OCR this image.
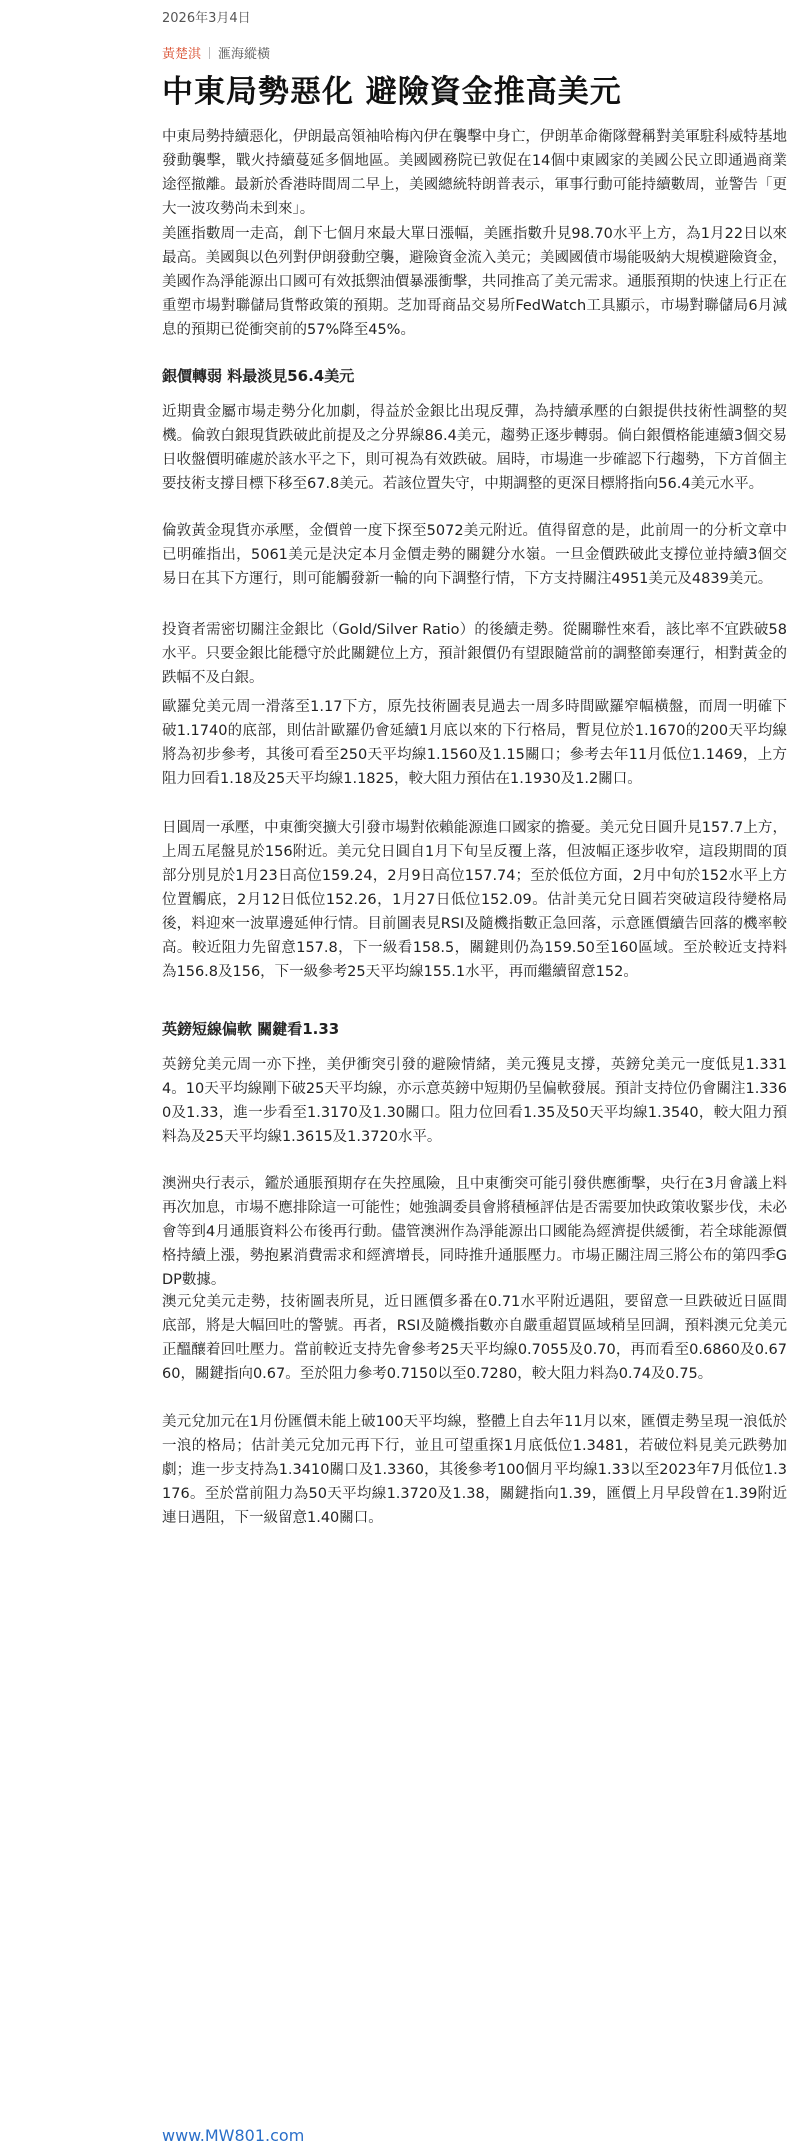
2026年3月4日
黃楚淇 滙海縱橫
中東局勢惡化 避險資金推高美元

中東局勢持續惡化，伊朗最高領袖哈梅內伊在襲擊中身亡，伊朗革命衛隊聲稱對美軍駐科威特基地發動襲擊，戰火持續蔓延多個地區。美國國務院已敦促在14個中東國家的美國公民立即通過商業途徑撤離。最新於香港時間周二早上，美國總統特朗普表示，軍事行動可能持續數周，並警告「更大一波攻勢尚未到來」。

美匯指數周一走高，創下七個月來最大單日漲幅，美匯指數升見98.70水平上方，為1月22日以來最高。美國與以色列對伊朗發動空襲，避險資金流入美元；美國國債市場能吸納大規模避險資金，美國作為淨能源出口國可有效抵禦油價暴漲衝擊，共同推高了美元需求。通脹預期的快速上行正在重塑市場對聯儲局貨幣政策的預期。芝加哥商品交易所FedWatch工具顯示，市場對聯儲局6月減息的預期已從衝突前的57%降至45%。

銀價轉弱 料最淡見56.4美元

近期貴金屬市場走勢分化加劇，得益於金銀比出現反彈，為持續承壓的白銀提供技術性調整的契機。倫敦白銀現貨跌破此前提及之分界線86.4美元，趨勢正逐步轉弱。倘白銀價格能連續3個交易日收盤價明確處於該水平之下，則可視為有效跌破。屆時，市場進一步確認下行趨勢，下方首個主要技術支撐目標下移至67.8美元。若該位置失守，中期調整的更深目標將指向56.4美元水平。

倫敦黃金現貨亦承壓，金價曾一度下探至5072美元附近。值得留意的是，此前周一的分析文章中已明確指出，5061美元是決定本月金價走勢的關鍵分水嶺。一旦金價跌破此支撐位並持續3個交易日在其下方運行，則可能觸發新一輪的向下調整行情，下方支持關注4951美元及4839美元。

投資者需密切關注金銀比（Gold/Silver Ratio）的後續走勢。從關聯性來看，該比率不宜跌破58水平。只要金銀比能穩守於此關鍵位上方，預計銀價仍有望跟隨當前的調整節奏運行，相對黃金的跌幅不及白銀。

歐羅兌美元周一滑落至1.17下方，原先技術圖表見過去一周多時間歐羅窄幅橫盤，而周一明確下破1.1740的底部，則估計歐羅仍會延續1月底以來的下行格局，暫見位於1.1670的200天平均線將為初步參考，其後可看至250天平均線1.1560及1.15關口；參考去年11月低位1.1469，上方阻力回看1.18及25天平均線1.1825，較大阻力預估在1.1930及1.2關口。

日圓周一承壓，中東衝突擴大引發市場對依賴能源進口國家的擔憂。美元兌日圓升見157.7上方，上周五尾盤見於156附近。美元兌日圓自1月下旬呈反覆上落，但波幅正逐步收窄，這段期間的頂部分別見於1月23日高位159.24，2月9日高位157.74；至於低位方面，2月中旬於152水平上方位置觸底，2月12日低位152.26，1月27日低位152.09。估計美元兌日圓若突破這段待變格局後，料迎來一波單邊延伸行情。目前圖表見RSI及隨機指數正急回落，示意匯價續告回落的機率較高。較近阻力先留意157.8，下一級看158.5，關鍵則仍為159.50至160區域。至於較近支持料為156.8及156，下一級參考25天平均線155.1水平，再而繼續留意152。

英鎊短線偏軟 關鍵看1.33

英鎊兌美元周一亦下挫，美伊衝突引發的避險情緒，美元獲見支撐，英鎊兌美元一度低見1.3314。10天平均線剛下破25天平均線，亦示意英鎊中短期仍呈偏軟發展。預計支持位仍會關注1.3360及1.33，進一步看至1.3170及1.30關口。阻力位回看1.35及50天平均線1.3540，較大阻力預料為及25天平均線1.3615及1.3720水平。

澳洲央行表示，鑑於通脹預期存在失控風險，且中東衝突可能引發供應衝擊，央行在3月會議上料再次加息，市場不應排除這一可能性；她強調委員會將積極評估是否需要加快政策收緊步伐，未必會等到4月通脹資料公布後再行動。儘管澳洲作為淨能源出口國能為經濟提供緩衝，若全球能源價格持續上漲，勢抱累消費需求和經濟增長，同時推升通脹壓力。市場正關注周三將公布的第四季GDP數據。

澳元兌美元走勢，技術圖表所見，近日匯價多番在0.71水平附近遇阻，要留意一旦跌破近日區間底部，將是大幅回吐的警號。再者，RSI及隨機指數亦自嚴重超買區域稍呈回調，預料澳元兌美元正醞釀着回吐壓力。當前較近支持先會參考25天平均線0.7055及0.70，再而看至0.6860及0.6760，關鍵指向0.67。至於阻力參考0.7150以至0.7280，較大阻力料為0.74及0.75。

美元兌加元在1月份匯價未能上破100天平均線，整體上自去年11月以來，匯價走勢呈現一浪低於一浪的格局；估計美元兌加元再下行，並且可望重探1月底低位1.3481，若破位料見美元跌勢加劇；進一步支持為1.3410關口及1.3360，其後參考100個月平均線1.33以至2023年7月低位1.3176。至於當前阻力為50天平均線1.3720及1.38，關鍵指向1.39，匯價上月早段曾在1.39附近連日遇阻，下一級留意1.40關口。

www.MW801.com
